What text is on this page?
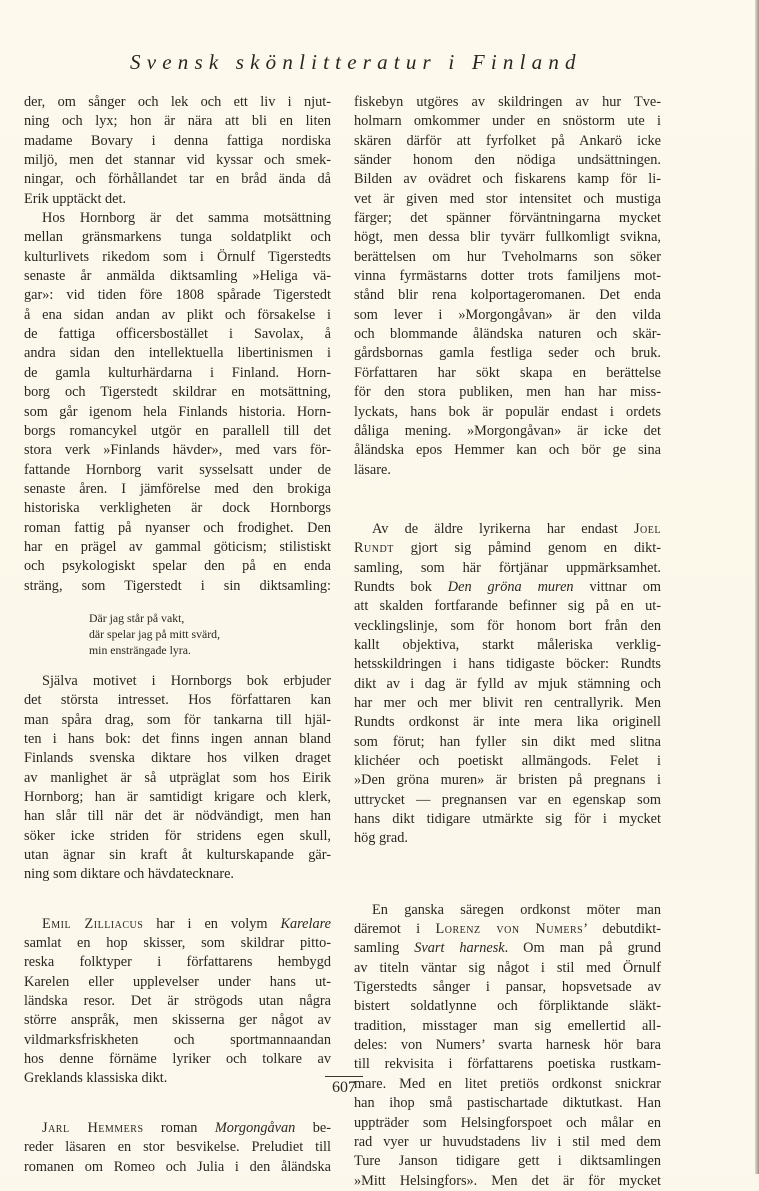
Svensk skönlitteratur i Finland

der, om sånger och lek och ett liv i njut-
ning och lyx; hon är nära att bli en liten
madame Bovary i denna fattiga nordiska
miljö, men det stannar vid kyssar och smek-
ningar, och förhållandet tar en bråd ända då
Erik upptäckt det.

Hos Hornborg är det samma motsättning
mellan gränsmarkens tunga soldatplikt och
kulturlivets rikedom som i Örnulf Tigerstedts
senaste år anmälda diktsamling »Heliga vä-
gar»: vid tiden före 1808 spårade Tigerstedt
å ena sidan andan av plikt och försakelse i
de fattiga officersbostället i Savolax, å
andra sidan den intellektuella libertinismen i
de gamla kulturhärdarna i Finland. Horn-
borg och Tigerstedt skildrar en motsättning,
som går igenom hela Finlands historia. Horn-
borgs romancykel utgör en parallell till det
stora verk »Finlands hävder», med vars för-
fattande Hornborg varit sysselsatt under de
senaste åren. I jämförelse med den brokiga
historiska verkligheten är dock Hornborgs
roman fattig på nyanser och frodighet. Den
har en prägel av gammal göticism; stilistiskt
och psykologiskt spelar den på en enda
sträng, som Tigerstedt i sin diktsamling:

Där jag står på vakt,
där spelar jag på mitt svärd,
min ensträngade lyra.

Själva motivet i Hornborgs bok erbjuder
det största intresset. Hos författaren kan
man spåra drag, som för tankarna till hjäl-
ten i hans bok: det finns ingen annan bland
Finlands svenska diktare hos vilken draget
av manlighet är så utpräglat som hos Eirik
Hornborg; han är samtidigt krigare och klerk,
han slår till när det är nödvändigt, men han
söker icke striden för stridens egen skull,
utan ägnar sin kraft åt kulturskapande gär-
ning som diktare och hävdatecknare.

Emil Zilliacus har i en volym Karelare
samlat en hop skisser, som skildrar pitto-
reska folktyper i författarens hembygd
Karelen eller upplevelser under hans ut-
ländska resor. Det är strögods utan några
större anspråk, men skisserna ger något av
vildmarksfriskheten och sportmannaandan
hos denne förnäme lyriker och tolkare av
Greklands klassiska dikt.

Jarl Hemmers roman Morgongåvan be-
reder läsaren en stor besvikelse. Preludiet till
romanen om Romeo och Julia i den åländska

fiskebyn utgöres av skildringen av hur Tve-
holmarn omkommer under en snöstorm ute i
skären därför att fyrfolket på Ankarö icke
sänder honom den nödiga undsättningen.
Bilden av ovädret och fiskarens kamp för li-
vet är given med stor intensitet och mustiga
färger; det spänner förväntningarna mycket
högt, men dessa blir tyvärr fullkomligt svikna,
berättelsen om hur Tveholmarns son söker
vinna fyrmästarns dotter trots familjens mot-
stånd blir rena kolportageromanen. Det enda
som lever i »Morgongåvan» är den vilda
och blommande åländska naturen och skär-
gårdsbornas gamla festliga seder och bruk.
Författaren har sökt skapa en berättelse
för den stora publiken, men han har miss-
lyckats, hans bok är populär endast i ordets
dåliga mening. »Morgongåvan» är icke det
åländska epos Hemmer kan och bör ge sina
läsare.

Av de äldre lyrikerna har endast Joel
Rundt gjort sig påmind genom en dikt-
samling, som här förtjänar uppmärksamhet.
Rundts bok Den gröna muren vittnar om
att skalden fortfarande befinner sig på en ut-
vecklingslinje, som för honom bort från den
kallt objektiva, starkt måleriska verklig-
hetsskildringen i hans tidigaste böcker: Rundts
dikt av i dag är fylld av mjuk stämning och
har mer och mer blivit ren centrallyrik. Men
Rundts ordkonst är inte mera lika originell
som förut; han fyller sin dikt med slitna
klichéer och poetiskt allmängods. Felet i
»Den gröna muren» är bristen på pregnans i
uttrycket — pregnansen var en egenskap som
hans dikt tidigare utmärkte sig för i mycket
hög grad.

En ganska säregen ordkonst möter man
däremot i Lorenz von Numers’ debutdikt-
samling Svart harnesk. Om man på grund
av titeln väntar sig något i stil med Örnulf
Tigerstedts sånger i pansar, hopsvetsade av
bistert soldatlynne och förpliktande släkt-
tradition, misstager man sig emellertid all-
deles: von Numers’ svarta harnesk hör bara
till rekvisita i författarens poetiska rustkam-
mare. Med en litet pretiös ordkonst snickrar
han ihop små pastischartade diktutkast. Han
uppträder som Helsingforspoet och målar en
rad vyer ur huvudstadens liv i stil med dem
Ture Janson tidigare gett i diktsamlingen
»Mitt Helsingfors». Men det är för mycket

607
